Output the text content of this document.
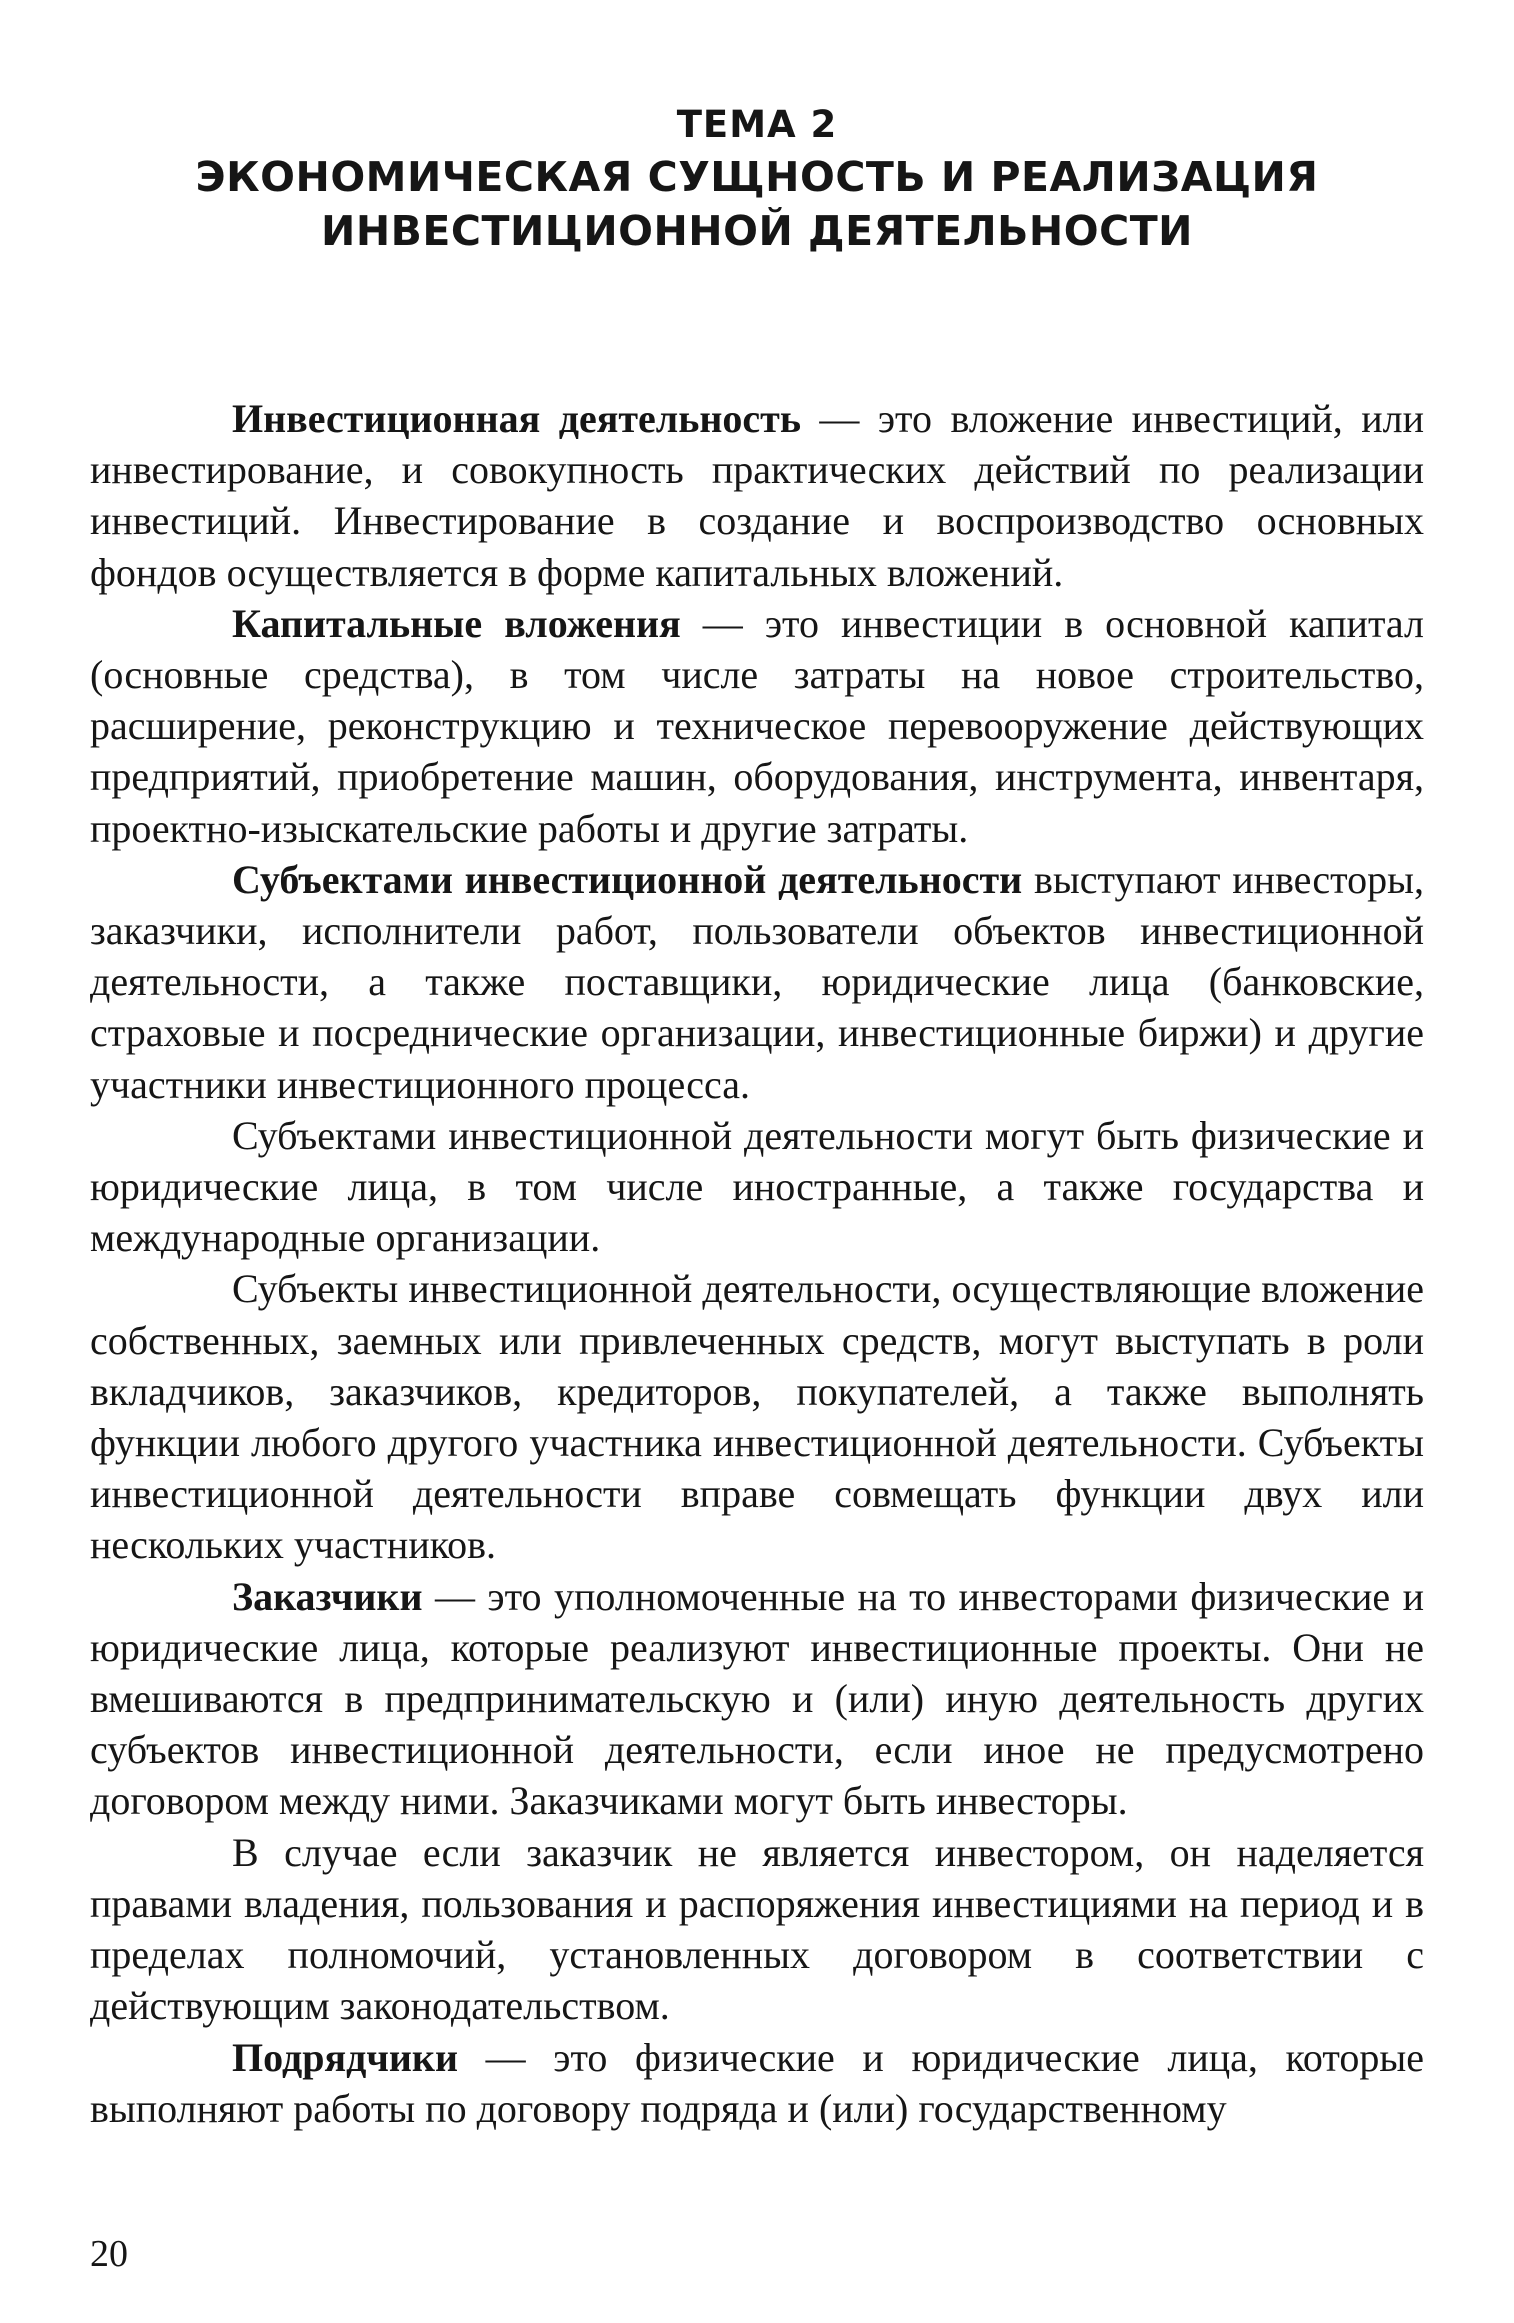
ТЕМА 2
ЭКОНОМИЧЕСКАЯ СУЩНОСТЬ И РЕАЛИЗАЦИЯ
ИНВЕСТИЦИОННОЙ ДЕЯТЕЛЬНОСТИ

Инвестиционная деятельность — это вложение инвестиций, или инвестирование, и совокупность практических действий по реализации инвестиций. Инвестирование в создание и воспроизводство основных фондов осуществляется в форме капитальных вложений.

Капитальные вложения — это инвестиции в основной капитал (основные средства), в том числе затраты на новое строительство, расширение, реконструкцию и техническое перевооружение действующих предприятий, приобретение машин, оборудования, инструмента, инвентаря, проектно-изыскательские работы и другие затраты.

Субъектами инвестиционной деятельности выступают инвесторы, заказчики, исполнители работ, пользователи объектов инвестиционной деятельности, а также поставщики, юридические лица (банковские, страховые и посреднические организации, инвестиционные биржи) и другие участники инвестиционного процесса.

Субъектами инвестиционной деятельности могут быть физические и юридические лица, в том числе иностранные, а также государства и международные организации.

Субъекты инвестиционной деятельности, осуществляющие вложение собственных, заемных или привлеченных средств, могут выступать в роли вкладчиков, заказчиков, кредиторов, покупателей, а также выполнять функции любого другого участника инвестиционной деятельности. Субъекты инвестиционной деятельности вправе совмещать функции двух или нескольких участников.

Заказчики — это уполномоченные на то инвесторами физические и юридические лица, которые реализуют инвестиционные проекты. Они не вмешиваются в предпринимательскую и (или) иную деятельность других субъектов инвестиционной деятельности, если иное не предусмотрено договором между ними. Заказчиками могут быть инвесторы.

В случае если заказчик не является инвестором, он наделяется правами владения, пользования и распоряжения инвестициями на период и в пределах полномочий, установленных договором в соответствии с действующим законодательством.

Подрядчики — это физические и юридические лица, которые выполняют работы по договору подряда и (или) государственному

20
